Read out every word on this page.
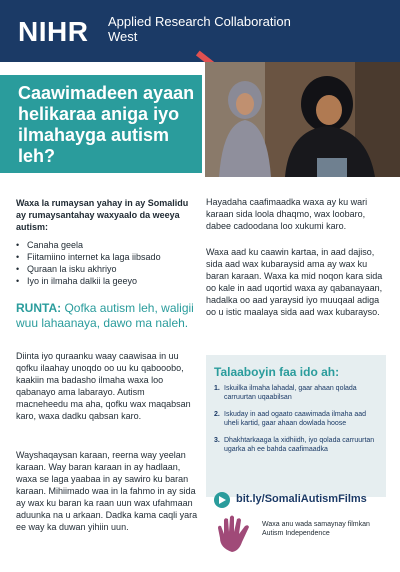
NIHR Applied Research Collaboration
West
Caawimadeen ayaan helikaraa aniga iyo ilmahayga autism leh?
Waxa la rumaysan yahay in ay Somalidu ay rumaysantahay waxyaalo da weeya autism:
• Canaha geela
• Fiitamiino internet ka laga iibsado
• Quraan la isku akhriyo
• Iyo in ilmaha dalkii la geeyo
RUNTA: Qofka autism leh, waligii wuu lahaanaya, dawo ma naleh.
Diinta iyo quraanku waay caawisaa in uu qofku ilaahay unoqdo oo uu ku qabooobo, kaakiin ma badasho ilmaha waxa loo qabanayo ama labarayo. Autism macneheedu ma aha, qofku wax maqabsan karo, waxa dadku qabsan karo.
Wayshaqaysan karaan, reerna way yeelan karaan. Way baran karaan in ay hadlaan, waxa se laga yaabaa in ay sawiro ku baran karaan. Mihiimado waa in la fahmo in ay sida ay wax ku baran ka raan uun wax ufahmaan aduunka na u arkaan. Dadka kama caqli yara ee way ka duwan yihiin uun.
Hayadaha caafimaadka waxa ay ku wari karaan sida loola dhaqmo, wax loobaro, dabee cadoodana loo xukumi karo.
Waxa aad ku caawin kartaa, in aad dajiso, sida aad wax kubaraysid ama ay wax ku baran karaan. Waxa ka mid noqon kara sida oo kale in aad uqortid waxa ay qabanayaan, hadalka oo aad yaraysid iyo muuqaal adiga oo u istic maalaya sida aad wax kubarayso.
Talaaboyin faa ido ah:
1. Iskuilka ilmaha lahadal, gaar ahaan qolada carruurtan uqaabilsan
2. Iskuday in aad ogaato caawimada ilmaha aad uheli kartid, gaar ahaan dowlada hoose
3. Dhakhtarkaaga la xidhiidh, iyo qolada carruurtan ugarka ah ee bahda caafimaadka
bit.ly/SomaliAutismFilms
Waxa anu wada samaynay filmkan Autism Independence
